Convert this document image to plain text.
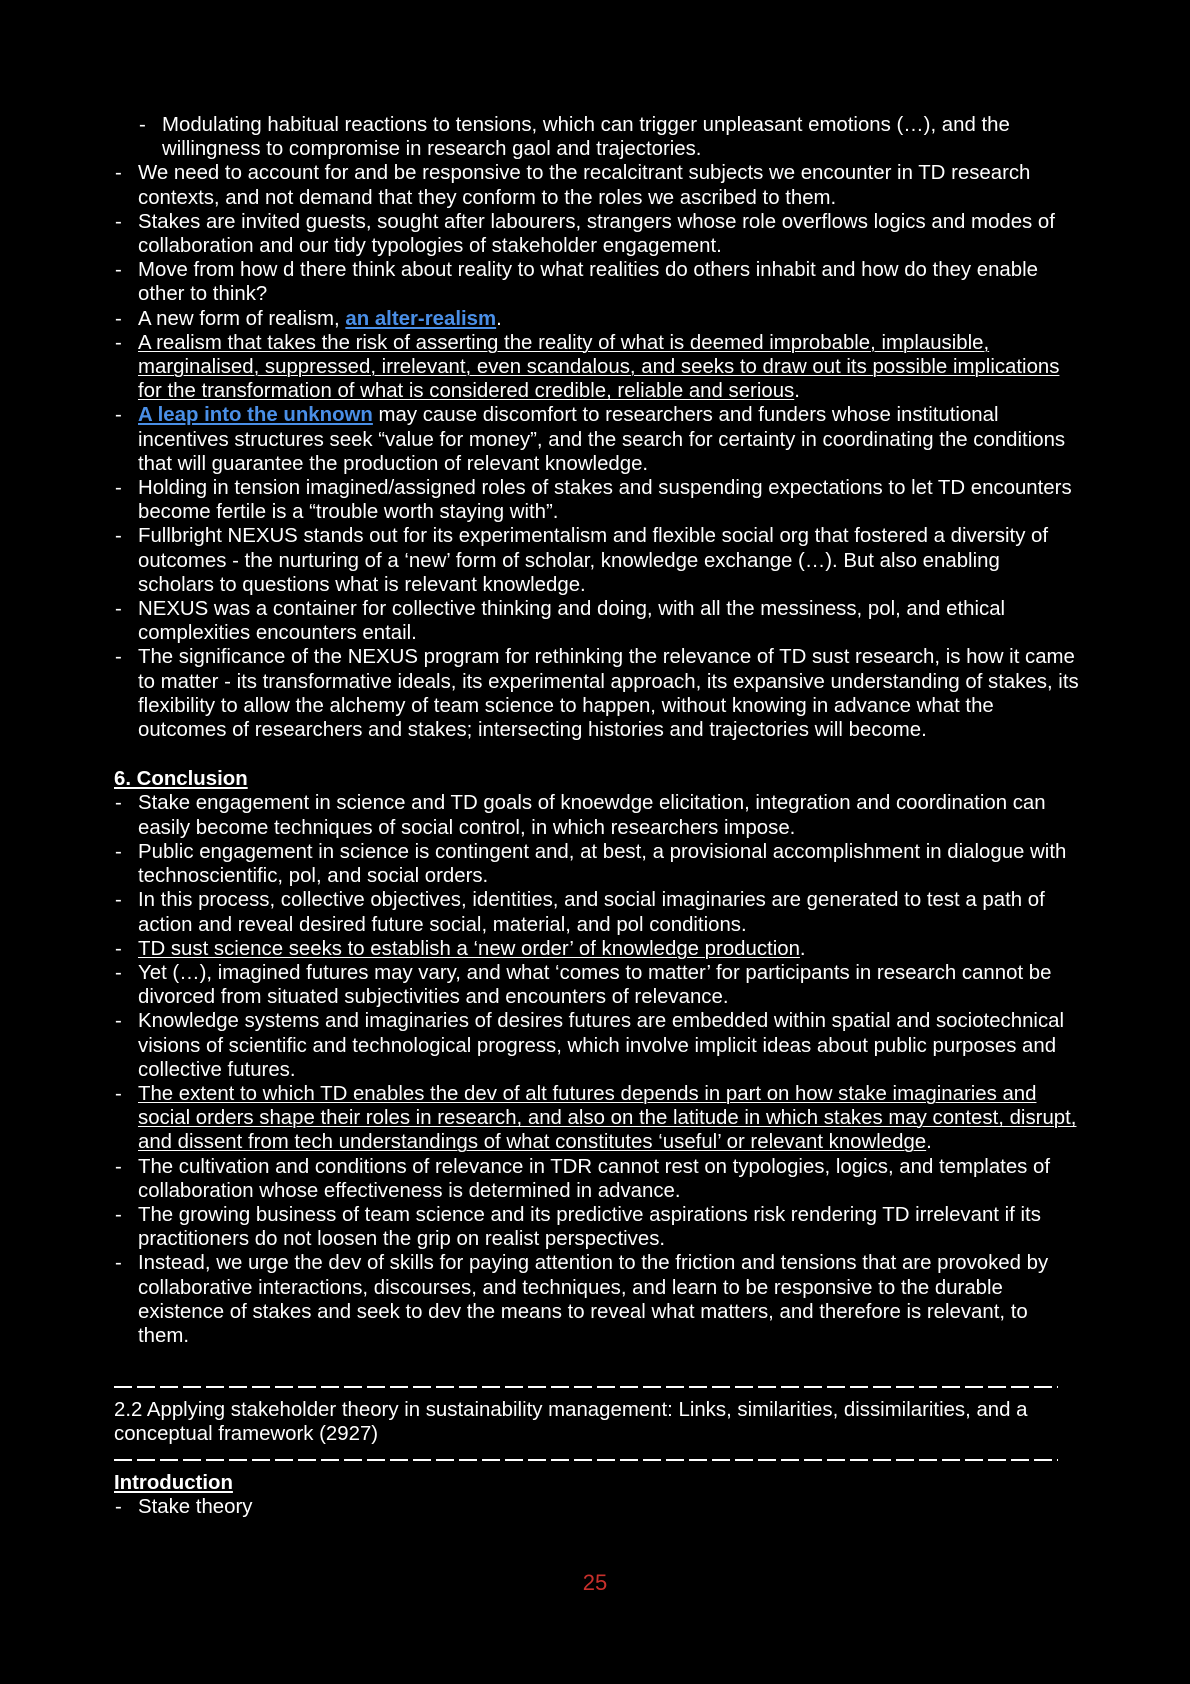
- Modulating habitual reactions to tensions, which can trigger unpleasant emotions (…), and the willingness to compromise in research gaol and trajectories.
- We need to account for and be responsive to the recalcitrant subjects we encounter in TD research contexts, and not demand that they conform to the roles we ascribed to them.
- Stakes are invited guests, sought after labourers, strangers whose role overflows logics and modes of collaboration and our tidy typologies of stakeholder engagement.
- Move from how d there think about reality to what realities do others inhabit and how do they enable other to think?
- A new form of realism, an alter-realism.
- A realism that takes the risk of asserting the reality of what is deemed improbable, implausible, marginalised, suppressed, irrelevant, even scandalous, and seeks to draw out its possible implications for the transformation of what is considered credible, reliable and serious.
- A leap into the unknown may cause discomfort to researchers and funders whose institutional incentives structures seek “value for money”, and the search for certainty in coordinating the conditions that will guarantee the production of relevant knowledge.
- Holding in tension imagined/assigned roles of stakes and suspending expectations to let TD encounters become fertile is a “trouble worth staying with”.
- Fullbright NEXUS stands out for its experimentalism and flexible social org that fostered a diversity of outcomes - the nurturing of a ‘new’ form of scholar, knowledge exchange (…). But also enabling scholars to questions what is relevant knowledge.
- NEXUS was a container for collective thinking and doing, with all the messiness, pol, and ethical complexities encounters entail.
- The significance of the NEXUS program for rethinking the relevance of TD sust research, is how it came to matter - its transformative ideals, its experimental approach, its expansive understanding of stakes, its flexibility to allow the alchemy of team science to happen, without knowing in advance what the outcomes of researchers and stakes; intersecting histories and trajectories will become.
6. Conclusion
- Stake engagement in science and TD goals of knoewdge elicitation, integration and coordination can easily become techniques of social control, in which researchers impose.
- Public engagement in science is contingent and, at best, a provisional accomplishment in dialogue with technoscientific, pol, and social orders.
- In this process, collective objectives, identities, and social imaginaries are generated to test a path of action and reveal desired future social, material, and pol conditions.
- TD sust science seeks to establish a ‘new order’ of knowledge production.
- Yet (…), imagined futures may vary, and what ‘comes to matter’ for participants in research cannot be divorced from situated subjectivities and encounters of relevance.
- Knowledge systems and imaginaries of desires futures are embedded within spatial and sociotechnical visions of scientific and technological progress, which involve implicit ideas about public purposes and collective futures.
- The extent to which TD enables the dev of alt futures depends in part on how stake imaginaries and social orders shape their roles in research, and also on the latitude in which stakes may contest, disrupt, and dissent from tech understandings of what constitutes ‘useful’ or relevant knowledge.
- The cultivation and conditions of relevance in TDR cannot rest on typologies, logics, and templates of collaboration whose effectiveness is determined in advance.
- The growing business of team science and its predictive aspirations risk rendering TD irrelevant if its practitioners do not loosen the grip on realist perspectives.
- Instead, we urge the dev of skills for paying attention to the friction and tensions that are provoked by collaborative interactions, discourses, and techniques, and learn to be responsive to the durable existence of stakes and seek to dev the means to reveal what matters, and therefore is relevant, to them.
2.2 Applying stakeholder theory in sustainability management: Links, similarities, dissimilarities, and a conceptual framework (2927)
Introduction
- Stake theory
25
